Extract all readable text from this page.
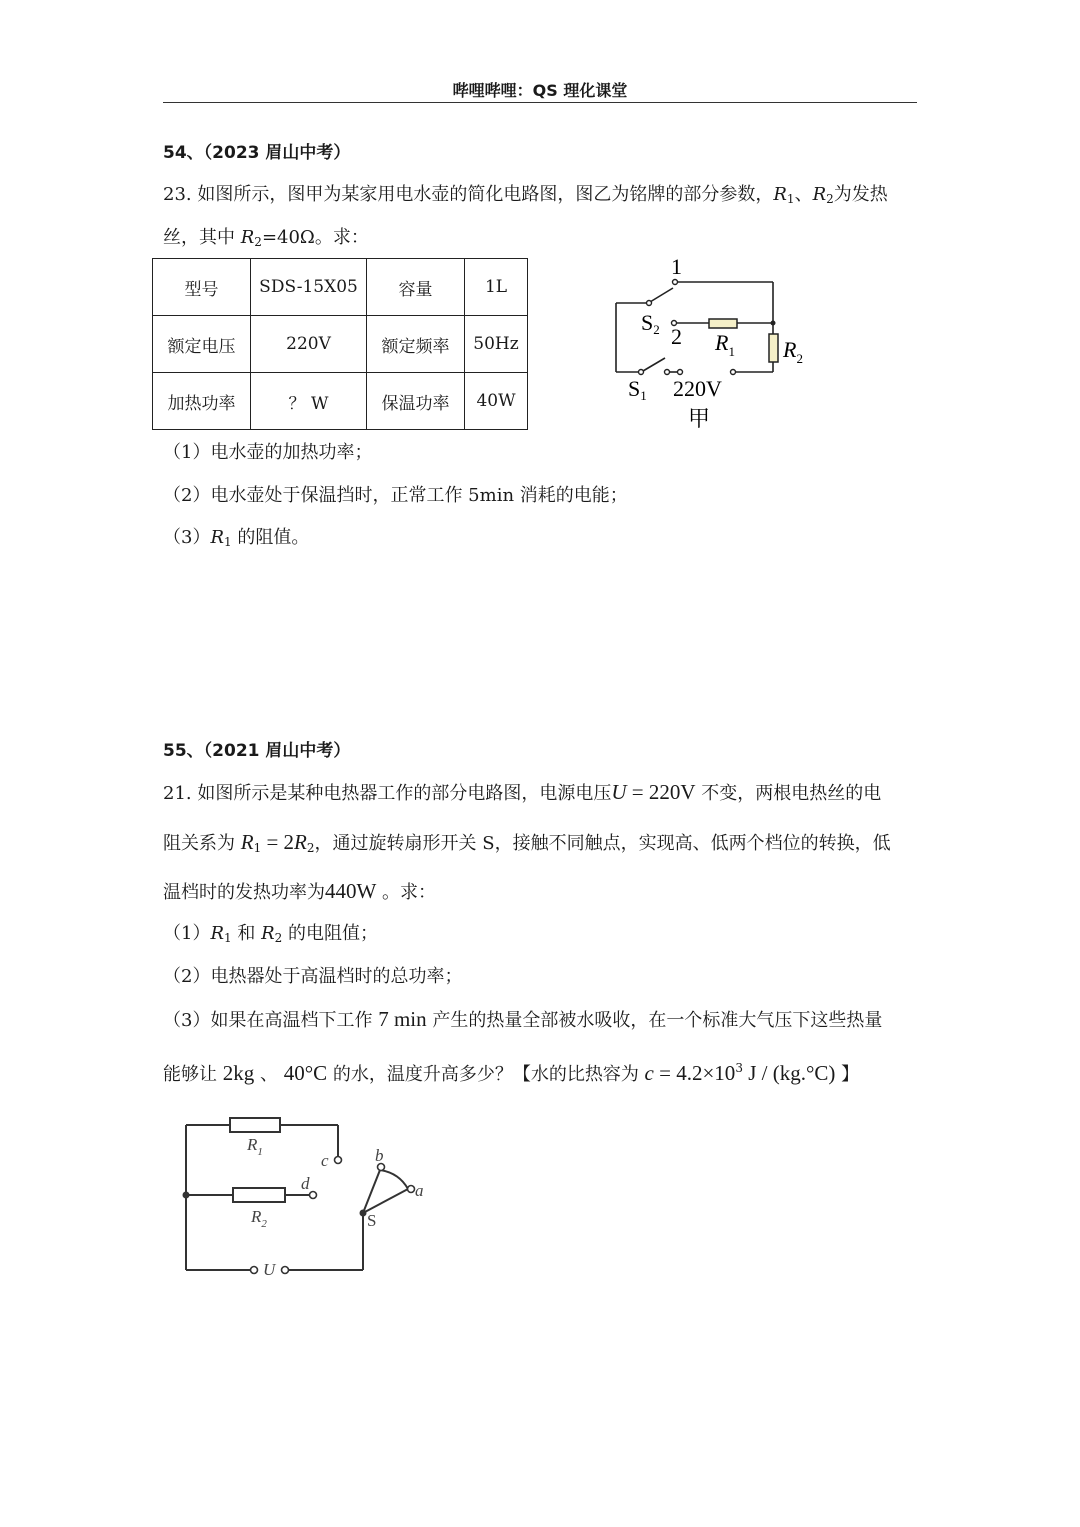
哔哩哔哩：QS 理化课堂
54、（2023 眉山中考）
23. 如图所示，图甲为某家用电水壶的简化电路图，图乙为铭牌的部分参数，$R_1$、$R_2$为发热
丝，其中 $R_2=40\Omega$。求：
型号	SDS-15X05	容量	1L
额定电压	220V	额定频率	50Hz
加热功率	？ W	保温功率	40W
1
S2 2 $R_1$ $R_2$
S1 220V
甲
（1）电水壶的加热功率；
（2）电水壶处于保温挡时，正常工作 5min 消耗的电能；
$(3)R_1$ 的阻值。
55、（2021 眉山中考）
21. 如图所示是某种电热器工作的部分电路图，电源电压U = 220V 不变，两根电热丝的电
阻关系为 $R_1 = 2R_2$，通过旋转扇形开关 S，接触不同触点，实现高、低两个档位的转换，低
温档时的发热功率为440W 。求：
$(1)R_1$ 和 $R_2$ 的电阻值；
（2）电热器处于高温档时的总功率；
（3）如果在高温档下工作 7 min 产生的热量全部被水吸收，在一个标准大气压下这些热量
能够让 2kg 、 40°C 的水，温度升高多少？【水的比热容为 $c = 4.2\times 10^3$ J / (kg.°C) 】
$R_1$
$R_2$
c
d
b
a
S
U
